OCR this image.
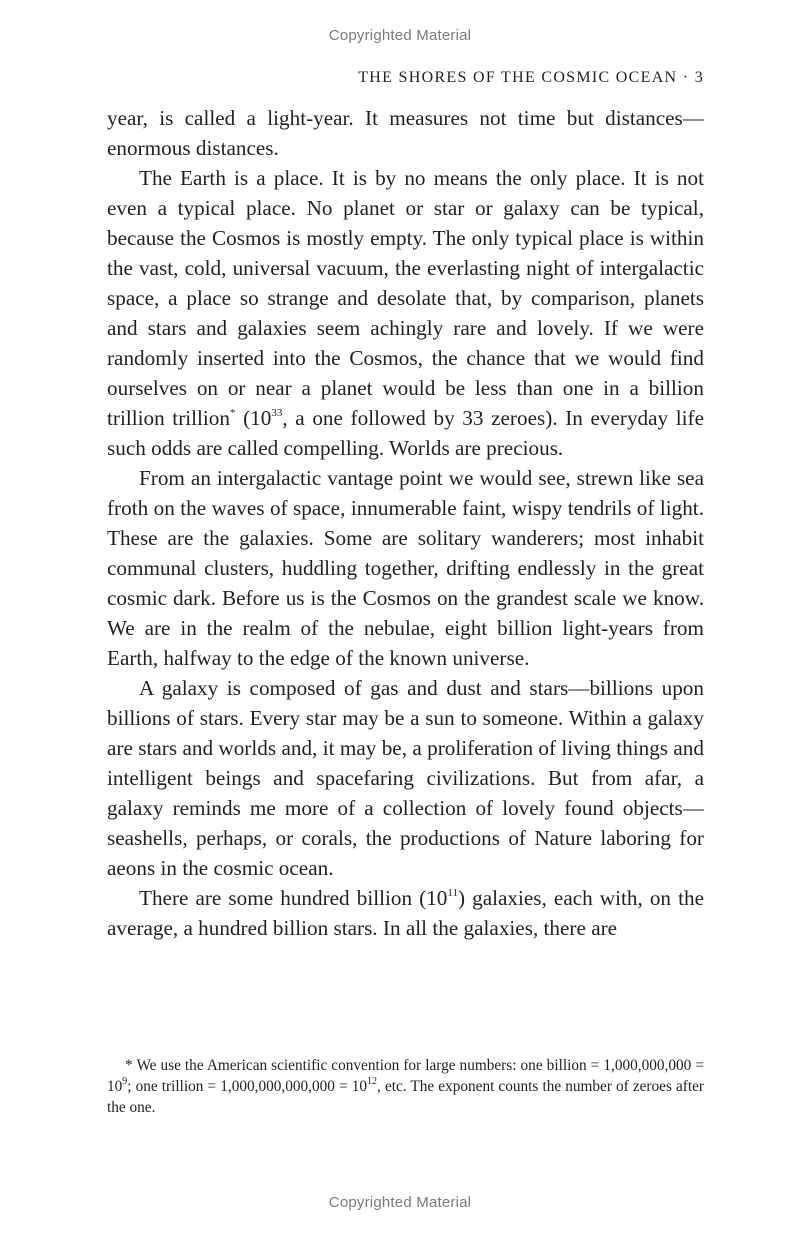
Copyrighted Material
THE SHORES OF THE COSMIC OCEAN · 3

year, is called a light-year. It measures not time but distances—enormous distances.

The Earth is a place. It is by no means the only place. It is not even a typical place. No planet or star or galaxy can be typical, because the Cosmos is mostly empty. The only typical place is within the vast, cold, universal vacuum, the everlasting night of intergalactic space, a place so strange and desolate that, by comparison, planets and stars and galaxies seem achingly rare and lovely. If we were randomly inserted into the Cosmos, the chance that we would find ourselves on or near a planet would be less than one in a billion trillion trillion* ($10^{33}$, a one followed by 33 zeroes). In everyday life such odds are called compelling. Worlds are precious.

From an intergalactic vantage point we would see, strewn like sea froth on the waves of space, innumerable faint, wispy tendrils of light. These are the galaxies. Some are solitary wanderers; most inhabit communal clusters, huddling together, drifting endlessly in the great cosmic dark. Before us is the Cosmos on the grandest scale we know. We are in the realm of the nebulae, eight billion light-years from Earth, halfway to the edge of the known universe.

A galaxy is composed of gas and dust and stars—billions upon billions of stars. Every star may be a sun to someone. Within a galaxy are stars and worlds and, it may be, a proliferation of living things and intelligent beings and spacefaring civilizations. But from afar, a galaxy reminds me more of a collection of lovely found objects—seashells, perhaps, or corals, the productions of Nature laboring for aeons in the cosmic ocean.

There are some hundred billion $(10^{11})$ galaxies, each with, on the average, a hundred billion stars. In all the galaxies, there are

* We use the American scientific convention for large numbers: one billion = 1,000,000,000 = 10$^9$; one trillion = 1,000,000,000,000 = 10$^{12}$, etc. The exponent counts the number of zeroes after the one.
Copyrighted Material
